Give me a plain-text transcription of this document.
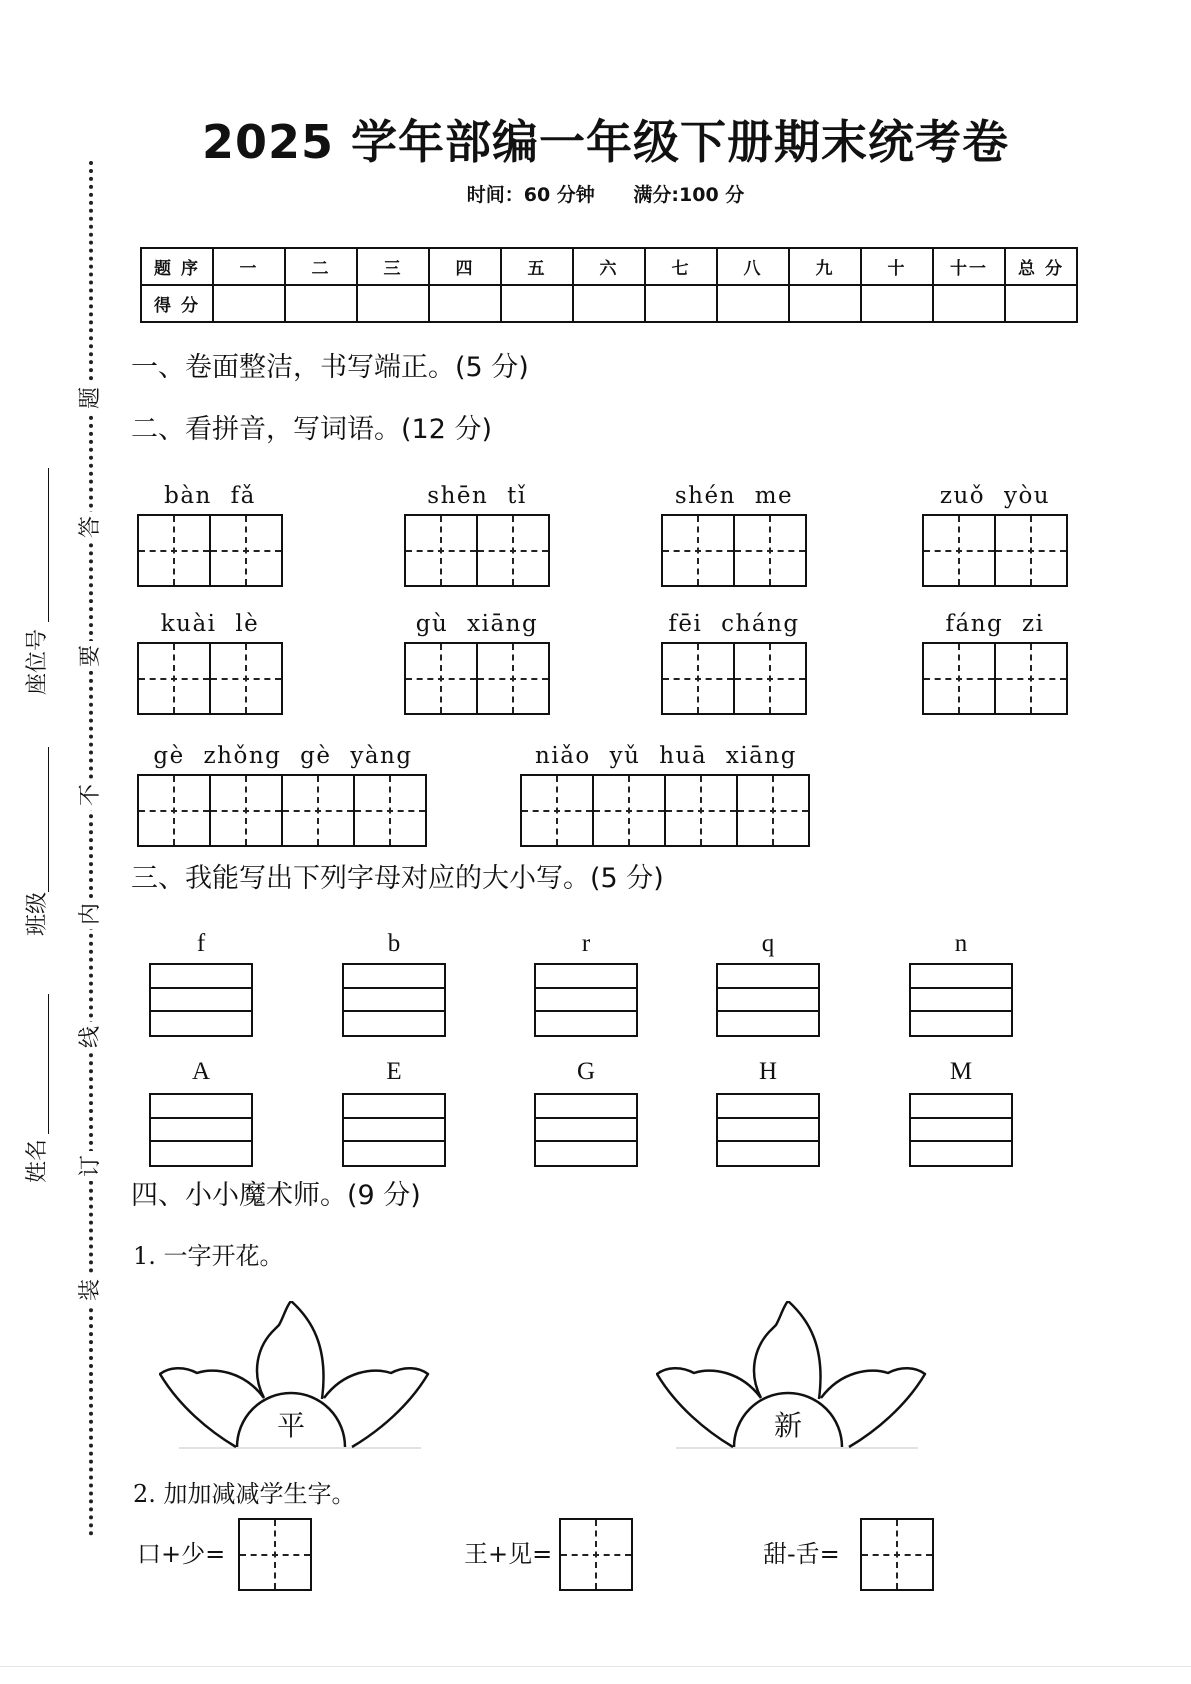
题
答
要
不
内
线
订
装
座位号
班级
姓名
2025 学年部编一年级下册期末统考卷
时间：60 分钟 满分:100 分
题 序	一	二	三	四	五	六	七	八	九	十	十一	总 分
得 分												
一、卷面整洁，书写端正。(5 分)
二、看拼音，写词语。(12 分)
bàn fǎ	shēn tǐ	shén me	zuǒ yòu
kuài lè	gù xiāng	fēi cháng	fáng zi
gè zhǒng gè yàng	niǎo yǔ huā xiāng
三、我能写出下列字母对应的大小写。(5 分)
f	b	r	q	n
A	E	G	H	M
四、小小魔术师。(9 分)
1. 一字开花。
平	新
2. 加加减减学生字。
口+少=	王+见=	甜-舌=
